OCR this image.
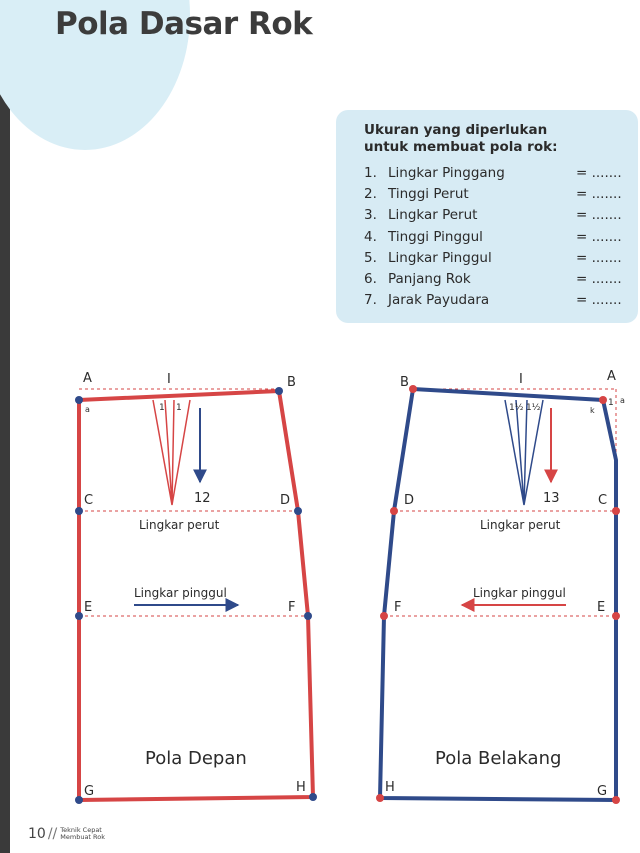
Pola Dasar Rok

Ukuran yang diperlukan
untuk membuat pola rok:

1. Lingkar Pinggang	= .......
2. Tinggi Perut	= .......
3. Lingkar Perut	= .......
4. Tinggi Pinggul	= .......
5. Lingkar Pinggul	= .......
6. Panjang Rok	= .......
7. Jarak Payudara	= .......
A	I	B
a	1 1
12
C	D
Lingkar perut
Lingkar pinggul
E	F
Pola Depan
G	H
B	I	A
a
1
k
1½ 1½
13
D	C
Lingkar perut
Lingkar pinggul
F	E
Pola Belakang
H	G
10 // Teknik Cepat
Membuat Rok
